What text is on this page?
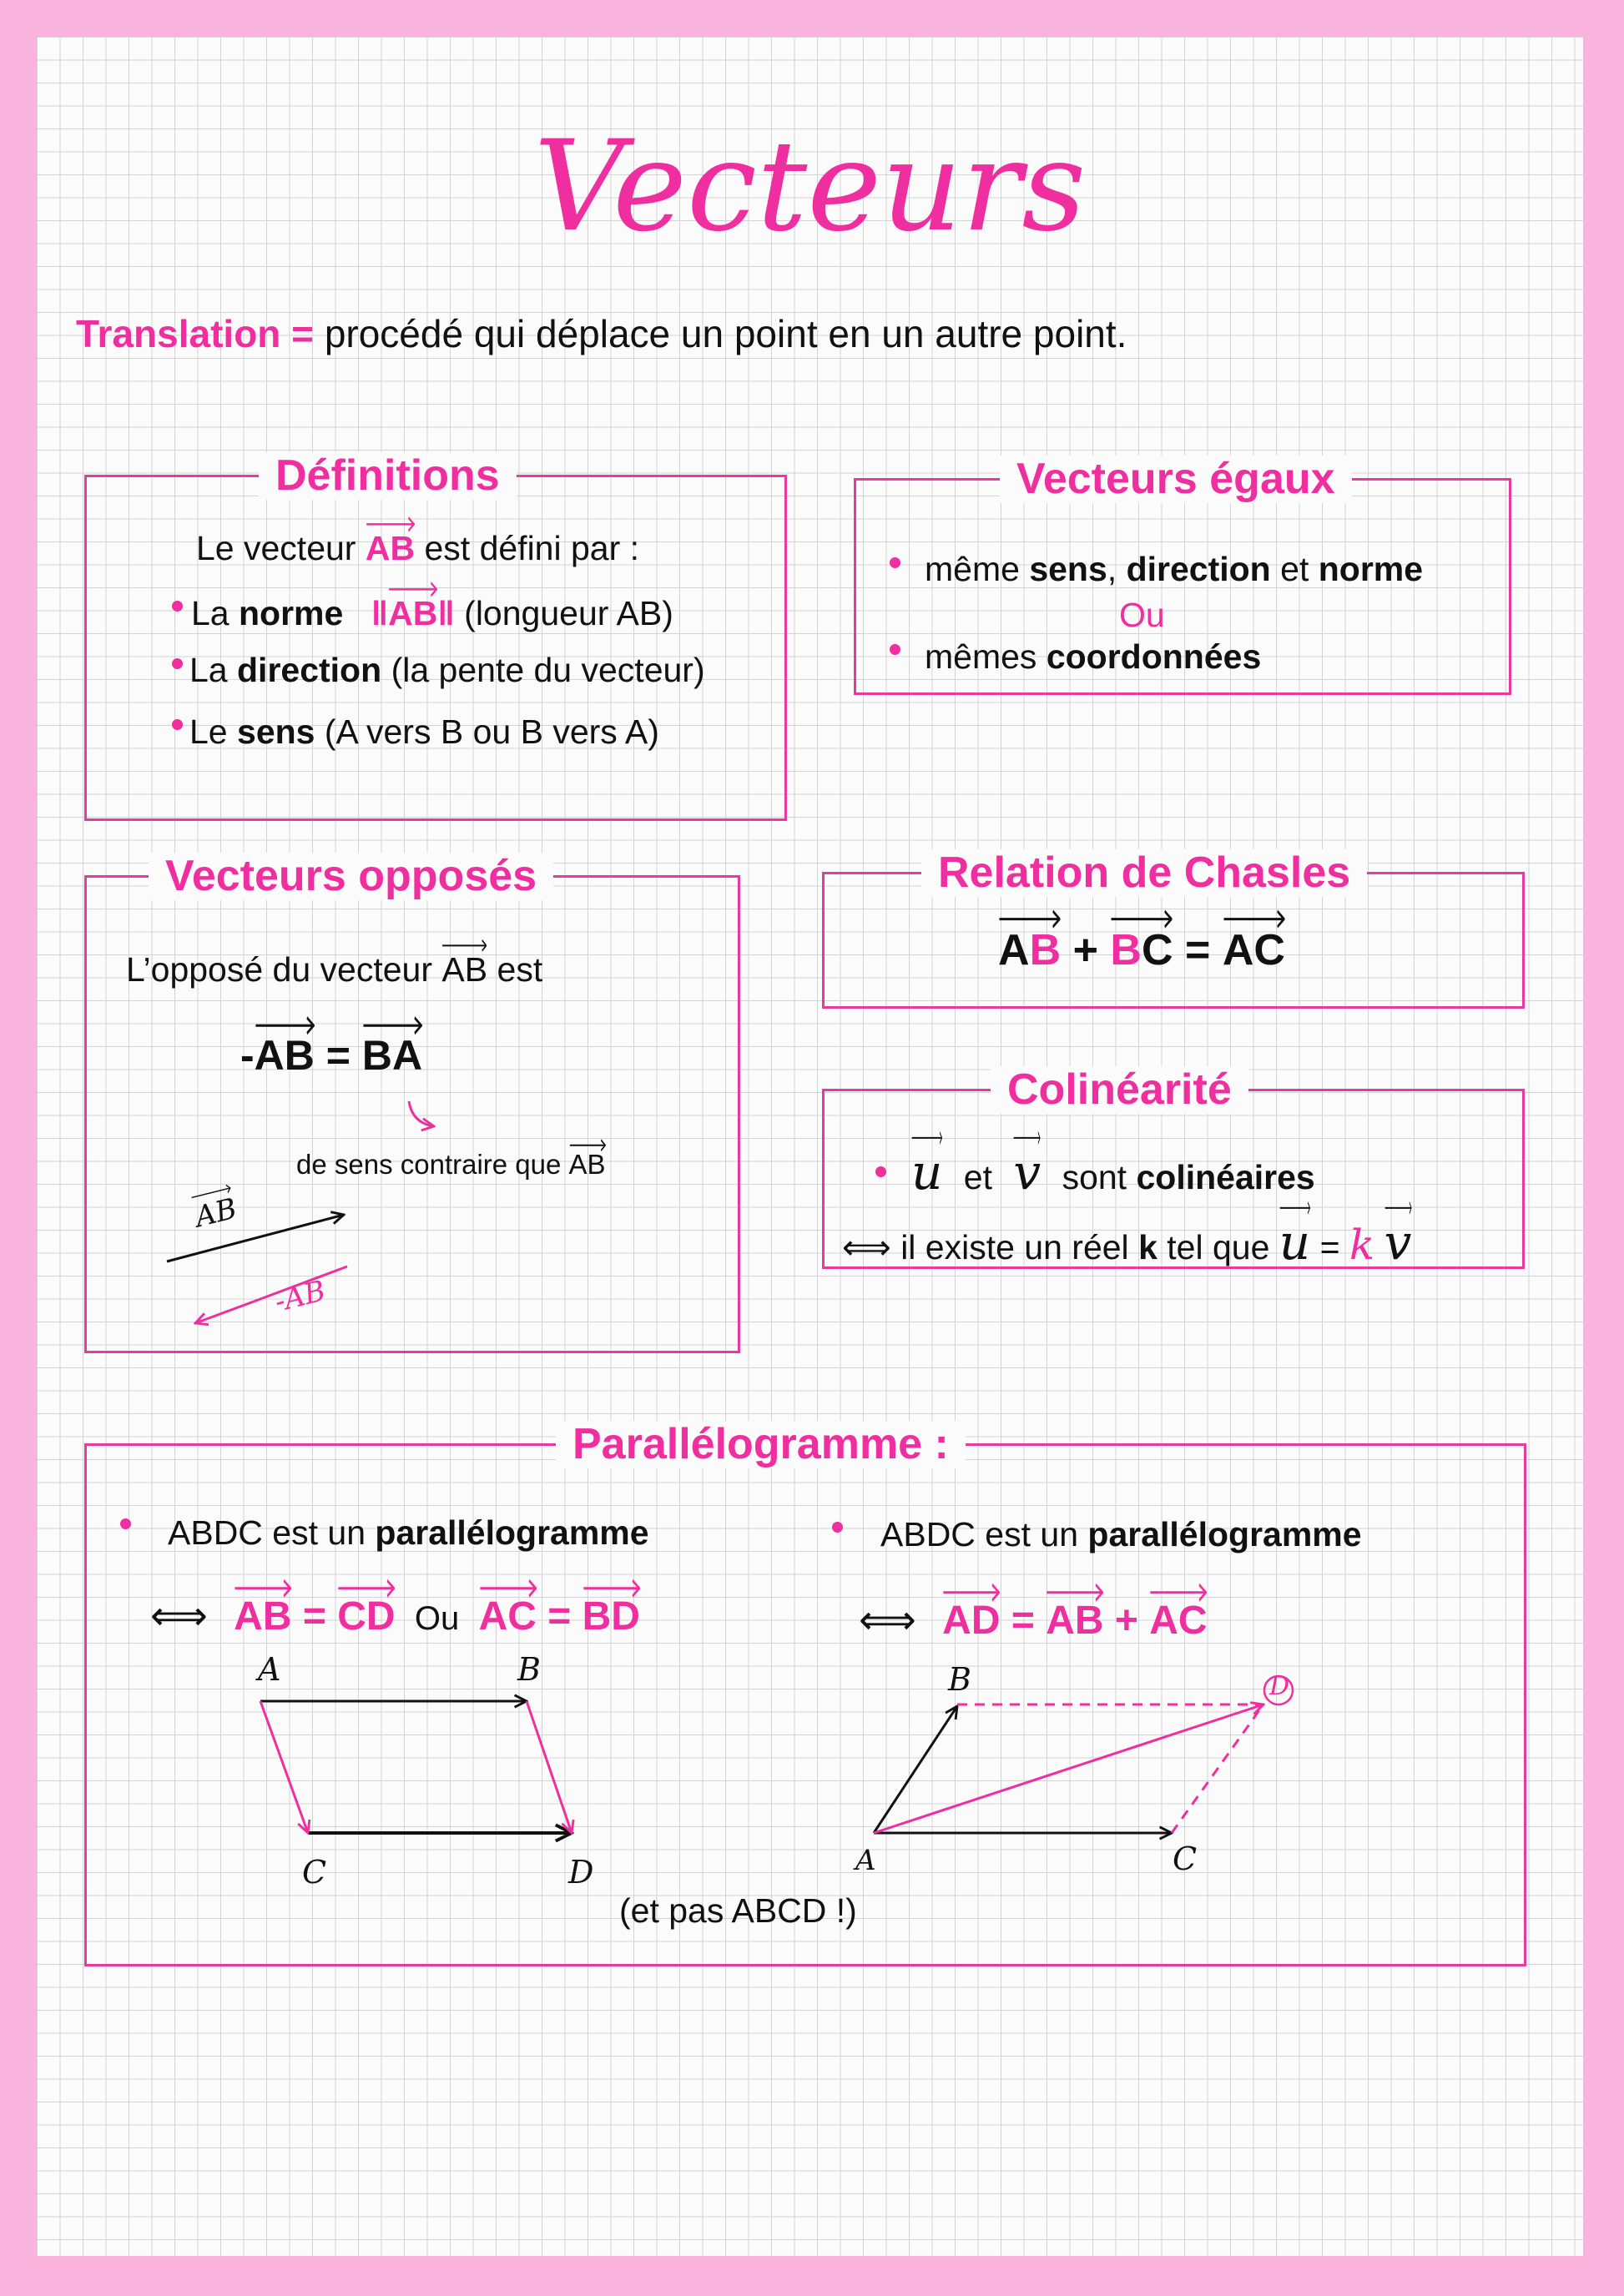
Vecteurs
Translation = procédé qui déplace un point en un autre point.
Définitions
Le vecteur AB est défini par :
La norme ‖
AB‖ (longueur AB)
La direction (la pente du vecteur)
Le sens (A vers B ou B vers A)
Vecteurs égaux
même sens, direction et norme
Ou
mêmes coordonnées
Vecteurs opposés
L’opposé du vecteur AB est
-
AB = BA
de sens contraire que AB
AB
-AB
Relation de Chasles
AB + BC = AC
Colinéarité
u et v sont colinéaires
⟺ il existe un réel k tel que u = k v
Parallélogramme :
ABDC est un parallélogramme
⟺ AB = CD Ou AC = BD
A	B
C	D
ABDC est un parallélogramme
⟺ AD = AB + AC
A
B
C
D
(et pas ABCD !)
